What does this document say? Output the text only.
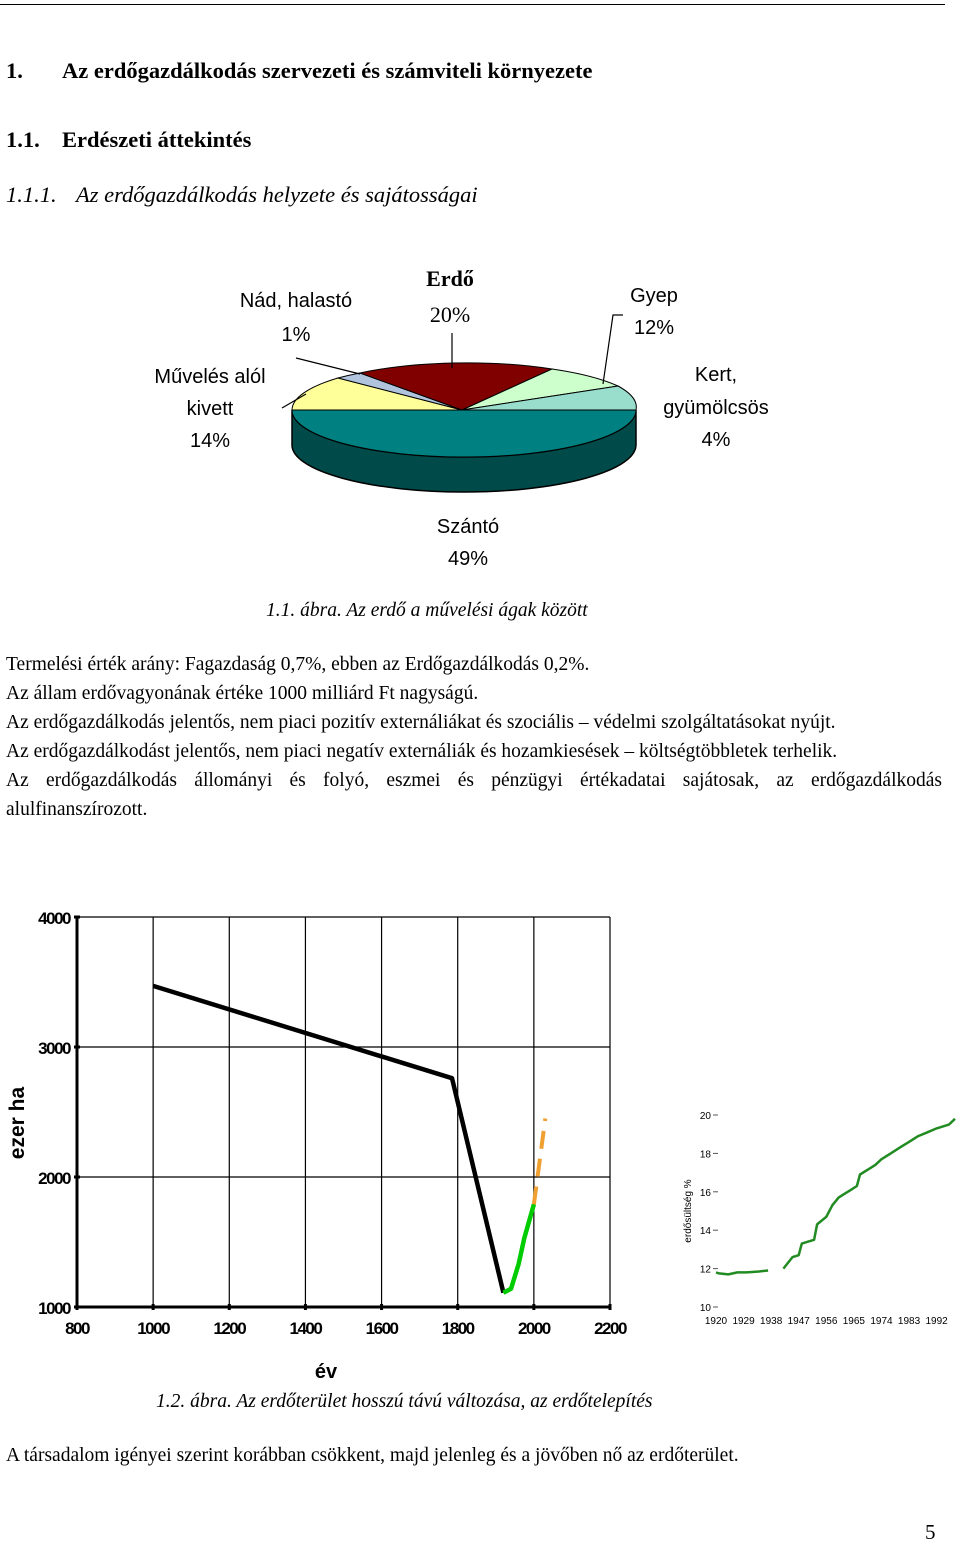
1. Az erdőgazdálkodás szervezeti és számviteli környezete
1.1. Erdészeti áttekintés
1.1.1. Az erdőgazdálkodás helyzete és sajátosságai
Erdő
20%
Nád, halastó
1%
Gyep
12%
Művelés alól
kivett
14%
Kert,
gyümölcsös
4%
Szántó
49%
1.1. ábra. Az erdő a művelési ágak között

Termelési érték arány: Fagazdaság 0,7%, ebben az Erdőgazdálkodás 0,2%.

Az állam erdővagyonának értéke 1000 milliárd Ft nagyságú.

Az erdőgazdálkodás jelentős, nem piaci pozitív externáliákat és szociális – védelmi szolgáltatásokat nyújt.

Az erdőgazdálkodást jelentős, nem piaci negatív externáliák és hozamkiesések – költségtöbbletek terhelik.

Az erdőgazdálkodás állományi és folyó, eszmei és pénzügyi értékadatai sajátosak, az erdőgazdálkodás alulfinanszírozott.

800	1000	1200	1400	1600	1800	2000	2200
1000
2000
3000
4000
ezer ha
év
10
12
14
16
18
20
1920 1929 1938 1947 1956 1965 1974 1983 1992
erdősültség %
1.2. ábra. Az erdőterület hosszú távú változása, az erdőtelepítés
A társadalom igényei szerint korábban csökkent, majd jelenleg és a jövőben nő az erdőterület.
5
